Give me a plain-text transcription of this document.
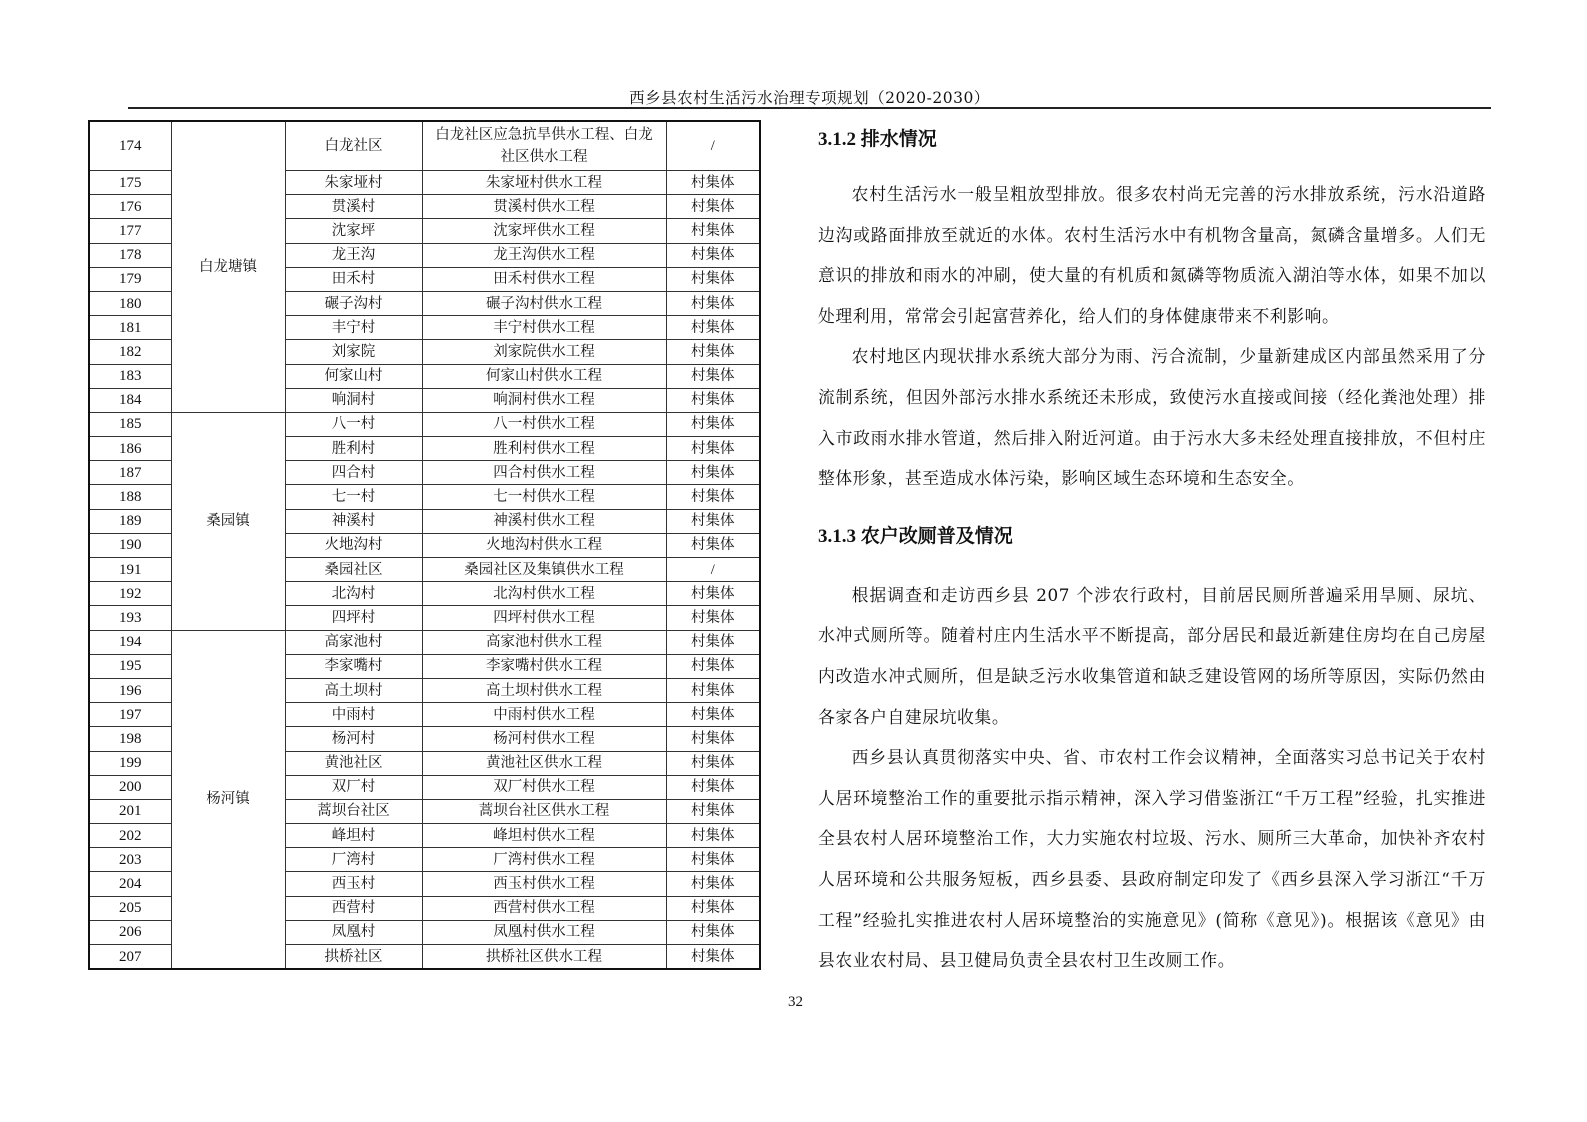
西乡县农村生活污水治理专项规划（2020-2030）
174	白龙塘镇	白龙社区	白龙社区应急抗旱供水工程、白龙社区供水工程	/
175		朱家垭村	朱家垭村供水工程	村集体
176		贯溪村	贯溪村供水工程	村集体
177		沈家坪	沈家坪供水工程	村集体
178		龙王沟	龙王沟供水工程	村集体
179		田禾村	田禾村供水工程	村集体
180		碾子沟村	碾子沟村供水工程	村集体
181		丰宁村	丰宁村供水工程	村集体
182		刘家院	刘家院供水工程	村集体
183		何家山村	何家山村供水工程	村集体
184		响洞村	响洞村供水工程	村集体
185	桑园镇	八一村	八一村供水工程	村集体
186		胜利村	胜利村供水工程	村集体
187		四合村	四合村供水工程	村集体
188		七一村	七一村供水工程	村集体
189		神溪村	神溪村供水工程	村集体
190		火地沟村	火地沟村供水工程	村集体
191		桑园社区	桑园社区及集镇供水工程	/
192		北沟村	北沟村供水工程	村集体
193		四坪村	四坪村供水工程	村集体
194	杨河镇	高家池村	高家池村供水工程	村集体
195		李家嘴村	李家嘴村供水工程	村集体
196		高土坝村	高土坝村供水工程	村集体
197		中雨村	中雨村供水工程	村集体
198		杨河村	杨河村供水工程	村集体
199		黄池社区	黄池社区供水工程	村集体
200		双厂村	双厂村供水工程	村集体
201		蒿坝台社区	蒿坝台社区供水工程	村集体
202		峰坦村	峰坦村供水工程	村集体
203		厂湾村	厂湾村供水工程	村集体
204		西玉村	西玉村供水工程	村集体
205		西营村	西营村供水工程	村集体
206		凤凰村	凤凰村供水工程	村集体
207		拱桥社区	拱桥社区供水工程	村集体
3.1.2 排水情况

农村生活污水一般呈粗放型排放。很多农村尚无完善的污水排放系统，污水沿道路边沟或路面排放至就近的水体。农村生活污水中有机物含量高，氮磷含量增多。人们无意识的排放和雨水的冲刷，使大量的有机质和氮磷等物质流入湖泊等水体，如果不加以处理利用，常常会引起富营养化，给人们的身体健康带来不利影响。

农村地区内现状排水系统大部分为雨、污合流制，少量新建成区内部虽然采用了分流制系统，但因外部污水排水系统还未形成，致使污水直接或间接（经化粪池处理）排入市政雨水排水管道，然后排入附近河道。由于污水大多未经处理直接排放，不但村庄整体形象，甚至造成水体污染，影响区域生态环境和生态安全。

3.1.3 农户改厕普及情况

根据调查和走访西乡县 207 个涉农行政村，目前居民厕所普遍采用旱厕、尿坑、水冲式厕所等。随着村庄内生活水平不断提高，部分居民和最近新建住房均在自己房屋内改造水冲式厕所，但是缺乏污水收集管道和缺乏建设管网的场所等原因，实际仍然由各家各户自建尿坑收集。

西乡县认真贯彻落实中央、省、市农村工作会议精神，全面落实习总书记关于农村人居环境整治工作的重要批示指示精神，深入学习借鉴浙江“千万工程”经验，扎实推进全县农村人居环境整治工作，大力实施农村垃圾、污水、厕所三大革命，加快补齐农村人居环境和公共服务短板，西乡县委、县政府制定印发了《西乡县深入学习浙江“千万工程”经验扎实推进农村人居环境整治的实施意见》(简称《意见》)。根据该《意见》由县农业农村局、县卫健局负责全县农村卫生改厕工作。

32
